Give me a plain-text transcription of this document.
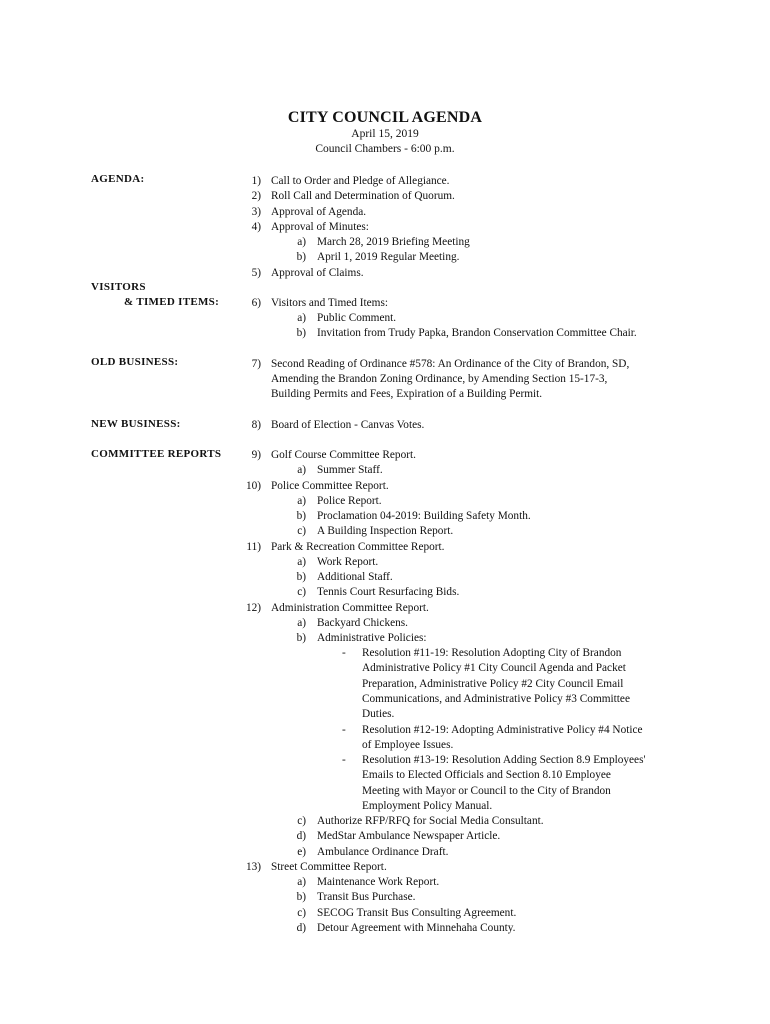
CITY COUNCIL AGENDA
April 15, 2019
Council Chambers - 6:00 p.m.
AGENDA:
VISITORS
& TIMED ITEMS:
OLD BUSINESS:
NEW BUSINESS:
COMMITTEE REPORTS
1) Call to Order and Pledge of Allegiance.
2) Roll Call and Determination of Quorum.
3) Approval of Agenda.
4) Approval of Minutes:
a) March 28, 2019 Briefing Meeting
b) April 1, 2019 Regular Meeting.
5) Approval of Claims.
6) Visitors and Timed Items:
a) Public Comment.
b) Invitation from Trudy Papka, Brandon Conservation Committee Chair.
7) Second Reading of Ordinance #578: An Ordinance of the City of Brandon, SD,
Amending the Brandon Zoning Ordinance, by Amending Section 15-17-3,
Building Permits and Fees, Expiration of a Building Permit.
8) Board of Election - Canvas Votes.
9) Golf Course Committee Report.
a) Summer Staff.
10) Police Committee Report.
a) Police Report.
b) Proclamation 04-2019: Building Safety Month.
c) A Building Inspection Report.
11) Park & Recreation Committee Report.
a) Work Report.
b) Additional Staff.
c) Tennis Court Resurfacing Bids.
12) Administration Committee Report.
a) Backyard Chickens.
b) Administrative Policies:
- Resolution #11-19: Resolution Adopting City of Brandon
Administrative Policy #1 City Council Agenda and Packet
Preparation, Administrative Policy #2 City Council Email
Communications, and Administrative Policy #3 Committee
Duties.
- Resolution #12-19: Adopting Administrative Policy #4 Notice
of Employee Issues.
- Resolution #13-19: Resolution Adding Section 8.9 Employees'
Emails to Elected Officials and Section 8.10 Employee
Meeting with Mayor or Council to the City of Brandon
Employment Policy Manual.
c) Authorize RFP/RFQ for Social Media Consultant.
d) MedStar Ambulance Newspaper Article.
e) Ambulance Ordinance Draft.
13) Street Committee Report.
a) Maintenance Work Report.
b) Transit Bus Purchase.
c) SECOG Transit Bus Consulting Agreement.
d) Detour Agreement with Minnehaha County.
